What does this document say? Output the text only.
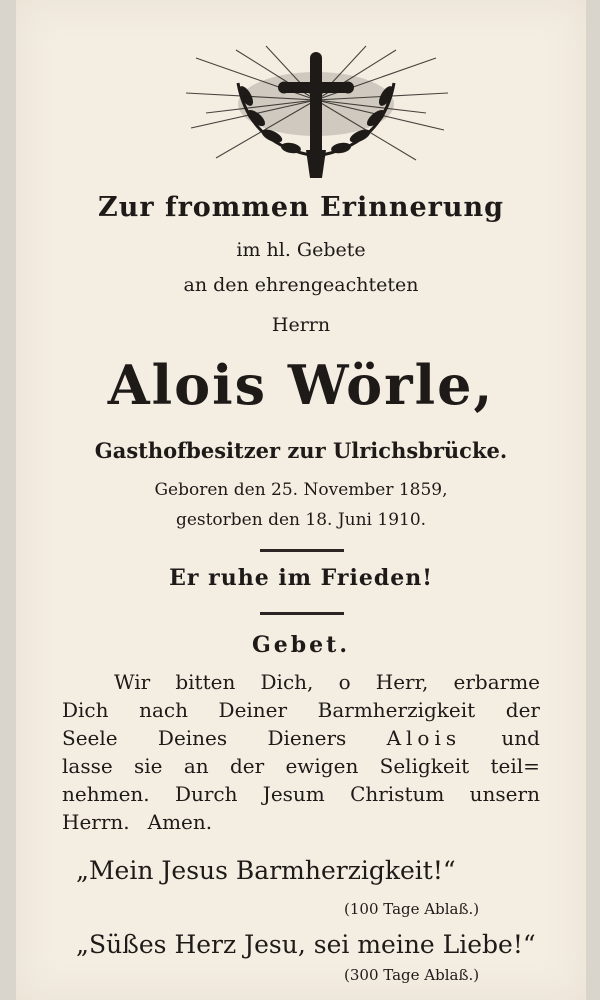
Zur frommen Erinnerung
im hl. Gebete
an den ehrengeachteten
Herrn
Alois Wörle,
Gasthofbesitzer zur Ulrichsbrücke.
Geboren den 25. November 1859,
gestorben den 18. Juni 1910.
Er ruhe im Frieden!
Gebet.
Wir bitten Dich, o Herr, erbarme
Dich nach Deiner Barmherzigkeit der
Seele Deines Dieners Alois und
lasse sie an der ewigen Seligkeit teil=
nehmen. Durch Jesum Christum unsern
Herrn. Amen.
„Mein Jesus Barmherzigkeit!“
(100 Tage Ablaß.)
„Süßes Herz Jesu, sei meine Liebe!“
(300 Tage Ablaß.)
